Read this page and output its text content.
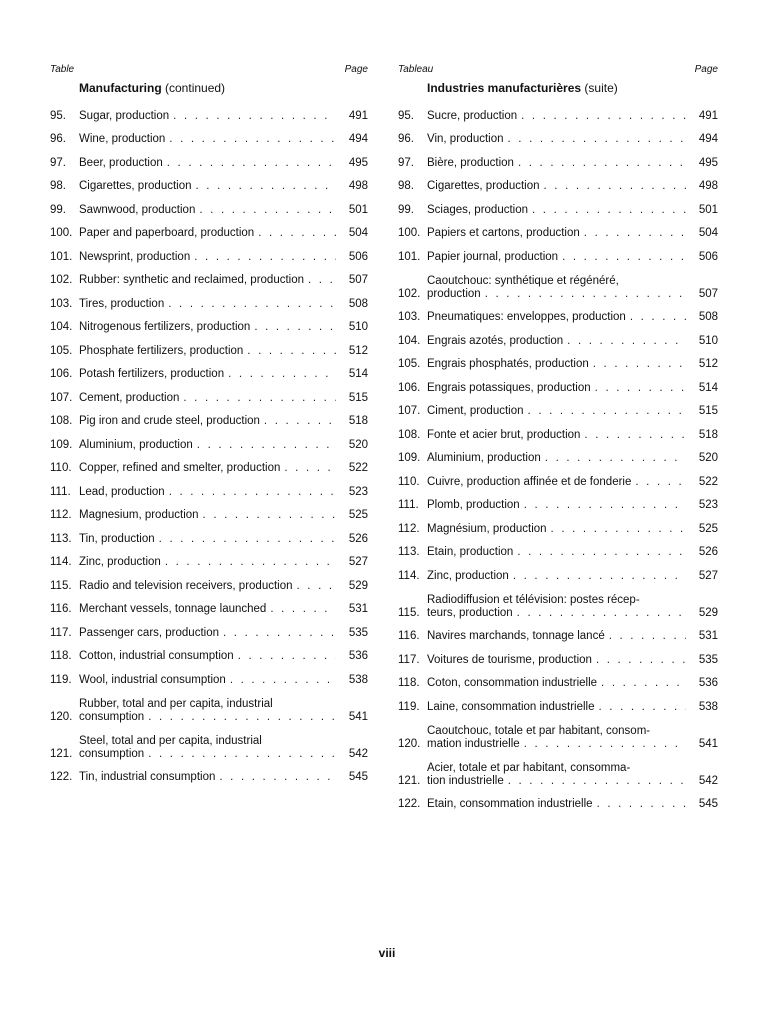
Table	Page
Manufacturing (continued)
95.	Sugar, production . . .	491
96.	Wine, production . . .	494
97.	Beer, production . . .	495
98.	Cigarettes, production . . .	498
99.	Sawnwood, production . . .	501
100. Paper and paperboard, production . . .	504
101. Newsprint, production . . .	506
102. Rubber: synthetic and reclaimed, production . . .	507
103. Tires, production . . .	508
104. Nitrogenous fertilizers, production . . .	510
105. Phosphate fertilizers, production . . .	512
106. Potash fertilizers, production . . .	514
107. Cement, production . . .	515
108. Pig iron and crude steel, production . . .	518
109. Aluminium, production . . .	520
110. Copper, refined and smelter, production . . .	522
111. Lead, production . . .	523
112. Magnesium, production . . .	525
113. Tin, production . . .	526
114. Zinc, production . . .	527
115. Radio and television receivers, production . . .	529
116. Merchant vessels, tonnage launched . . .	531
117. Passenger cars, production . . .	535
118. Cotton, industrial consumption . . .	536
119. Wool, industrial consumption . . .	538
120.
Rubber, total and per capita, industrial
consumption . . .	541
121.
Steel, total and per capita, industrial
consumption . . .	542
122. Tin, industrial consumption . . .	545
Tableau	Page
Industries manufacturières (suite)
95.	Sucre, production . . .	491
96.	Vin, production . . .	494
97.	Bière, production . . .	495
98.	Cigarettes, production . . .	498
99.	Sciages, production . . .	501
100. Papiers et cartons, production . . .	504
101. Papier journal, production . . .	506
102.
Caoutchouc: synthétique et régénéré,
production . . .	507
103. Pneumatiques: enveloppes, production . . .	508
104. Engrais azotés, production . . .	510
105. Engrais phosphatés, production . . .	512
106. Engrais potassiques, production . . .	514
107. Ciment, production . . .	515
108. Fonte et acier brut, production . . .	518
109. Aluminium, production . . .	520
110. Cuivre, production affinée et de fonderie . . .	522
111. Plomb, production . . .	523
112. Magnésium, production . . .	525
113. Etain, production . . .	526
114. Zinc, production . . .	527
115.
Radiodiffusion et télévision: postes récep-
teurs, production . . .	529
116. Navires marchands, tonnage lancé . . .	531
117. Voitures de tourisme, production . . .	535
118. Coton, consommation industrielle . . .	536
119. Laine, consommation industrielle . . .	538
120.
Caoutchouc, totale et par habitant, consom-
mation industrielle . . .	541
121.
Acier, totale et par habitant, consomma-
tion industrielle . . .	542
122. Etain, consommation industrielle . . .	545
viii
